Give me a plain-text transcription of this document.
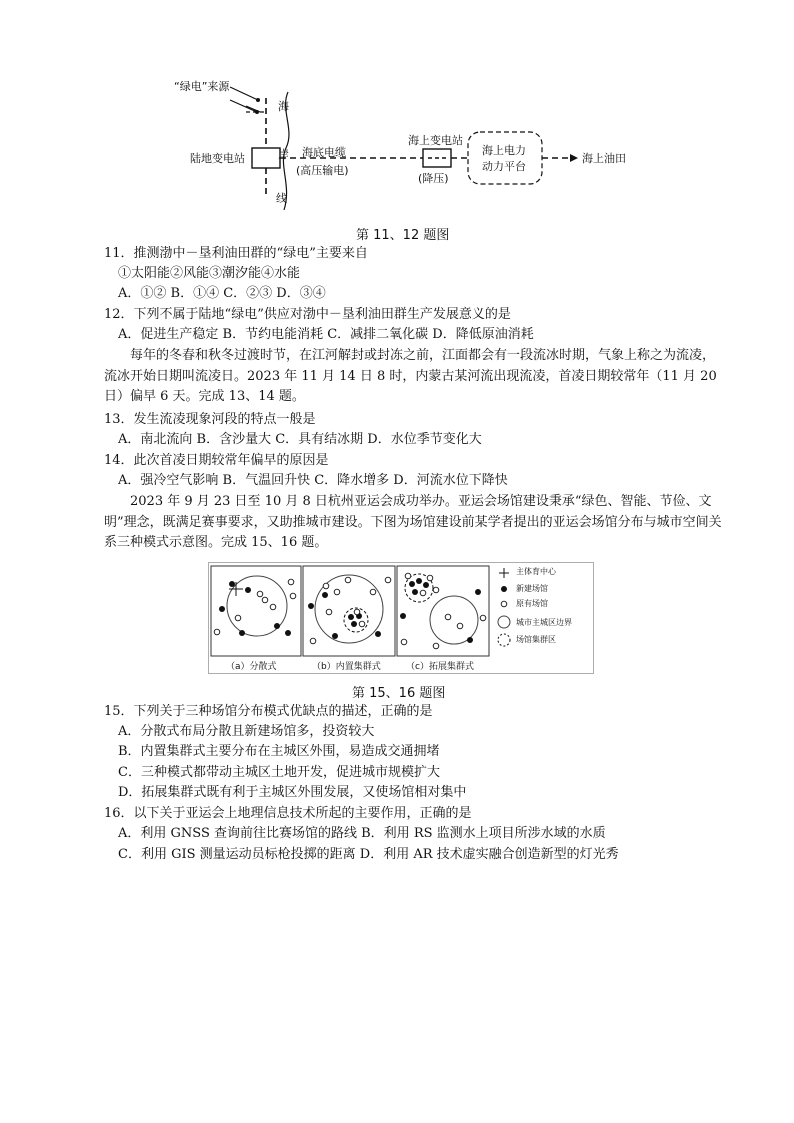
“绿电”来源
海
岸
线
陆地变电站	海底电缆
(高压输电)
海上变电站
(降压)
海上电力
动力平台
海上油田
第 11、12 题图
11．推测渤中－垦利油田群的“绿电”主要来自
①太阳能②风能③潮汐能④水能
A．①② B．①④ C．②③ D．③④
12．下列不属于陆地“绿电”供应对渤中－垦利油田群生产发展意义的是
A．促进生产稳定 B．节约电能消耗 C．减排二氧化碳 D．降低原油消耗
每年的冬春和秋冬过渡时节，在江河解封或封冻之前，江面都会有一段流冰时期，气象上称之为流凌，流冰开始日期叫流凌日。2023 年 11 月 14 日 8 时，内蒙古某河流出现流凌，首凌日期较常年（11 月 20 日）偏早 6 天。完成 13、14 题。
13．发生流凌现象河段的特点一般是
A．南北流向 B．含沙量大 C．具有结冰期 D．水位季节变化大
14．此次首凌日期较常年偏早的原因是
A．强冷空气影响 B．气温回升快 C．降水增多 D．河流水位下降快
2023 年 9 月 23 日至 10 月 8 日杭州亚运会成功举办。亚运会场馆建设秉承“绿色、智能、节俭、文明”理念，既满足赛事要求，又助推城市建设。下图为场馆建设前某学者提出的亚运会场馆分布与城市空间关系三种模式示意图。完成 15、16 题。
主体育中心
新建场馆
原有场馆
城市主城区边界
场馆集群区
（a）分散式	（b）内置集群式	（c）拓展集群式
第 15、16 题图
15．下列关于三种场馆分布模式优缺点的描述，正确的是
A．分散式布局分散且新建场馆多，投资较大
B．内置集群式主要分布在主城区外围，易造成交通拥堵
C．三种模式都带动主城区土地开发，促进城市规模扩大
D．拓展集群式既有利于主城区外围发展，又使场馆相对集中
16．以下关于亚运会上地理信息技术所起的主要作用，正确的是
A．利用 GNSS 查询前往比赛场馆的路线 B．利用 RS 监测水上项目所涉水域的水质
C．利用 GIS 测量运动员标枪投掷的距离 D．利用 AR 技术虚实融合创造新型的灯光秀
